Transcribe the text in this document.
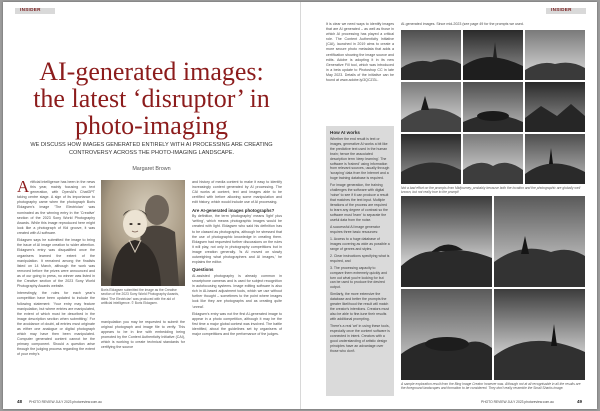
INSIDER
AI-generated images: the latest ‘disruptor’ in photo-imaging
WE DISCUSS HOW IMAGES GENERATED ENTIRELY WITH AI PROCESSING ARE CREATING CONTROVERSY ACROSS THE PHOTO-IMAGING LANDSCAPE.
Margaret Brown

Artificial intelligence has been in the news this year, mainly focusing on text generation, with OpenAI's ChatGPT taking centre stage. A sign of its importance to photography came when the photograph Boris Eldagsen's image 'The Electrician' was nominated as the winning entry in the 'Creative' section of the 2023 Sony World Photography Awards. While this image reproduced here might look like a photograph of Kid groove, it was created with AI software.

Eldagsen says he submitted the image to bring the issue of AI image creation to wider attention. Eldagsen's entry was disqualified once the organisers learned the extent of the manipulation. It remained among the finalists listed on 14 March, although the work was removed before the prizes were announced and as of our going to press, no winner was listed in the Creative section of the 2023 Sony World Photography Awards website.

Interestingly, the rules for each year's competition have been updated to include the following statement: 'Your entry may feature manipulation, but where entries are manipulated, the extent of which must be described in the image description section when submitting.' For the avoidance of doubt, all entries must originate as either one analogue or digital photograph which may have then been manipulated. Computer generated content cannot be the primary component. Should a question arise through the judging process regarding the extent of your entry's

Boris Eldagsen submitted the image as the Creative section of the 2023 Sony World Photography Awards, titled 'The Electrician' was produced with the aid of artificial intelligence. © Boris Eldagsen.

manipulation you may be requested to submit the original photograph and image file to verify. This appears to be in line with embedding being promoted by the Content Authenticity Initiative (CAI), which is working to create technical standards for certifying the source

and history of media content to make it easy to identify increasingly content generated by AI processing. The CAI works at content, text and images able to be certified with before allowing some manipulation and edit history, which would include use of AI processing.

Are AI-generated images photographs?

By definition, the term 'photography' means 'light' plus 'writing', which means photographic images would be created with light. Eldagsen who said his definition has to be classed as photographs, although he stressed that the use of photographic knowledge in creating them. Eldagsen had requested further discussions on the rules it will play, not only in photography competitions but in image creation generally. 'Is AI moved on slowly outweighing what photographers and AI images,' he explains the editor.

Questions

AI-assisted photography is already common in smartphone cameras and is used for subject recognition in autofocusing systems. Image editing software is also rich in AI-based adjustment tools, which we use without further thought – sometimes to the point where images look like they are photographs and as creating quite 'unreal'.

Eldagsen's entry was not the first AI-generated image to appear in a photo competition, although it may be the first time a major global contest was involved. The battle identified, about the guidelines set by organisers of major competitions and the performance of the judges.

48 PHOTO REVIEW JULY 2023 photoreview.com.au
INSIDER

It is clear we need ways to identify images that are AI generated – as well as those in which AI processing has played a critical role. The Content Authenticity Initiative (CAI), launched in 2019 aims to create a more secure photo metadata that adds a certification showing the image source and edits. Adobe is adopting it in its new Generative Fill tool, which was introduced in a beta update to Photoshop CC in late May 2023. Details of the initiative can be found at www.adobe.ly/3QCZGL.

AI-generated images. Since mid-2023 (see page 49 for the prompts we used.

How AI works

Whether the end result is text or images, generative AI works a bit like the predictive text used in the human brain; hence the associated description term 'deep learning'. The software is 'trained' using information from relevant sources, usually through 'scraping' data from the Internet and a huge training database is required.

For image generation, the training challenges the software with digital 'noise' to see if it can produce a result that matches the text input. Multiple iterations of the process are required to learn any degree of contrast so the software must 'learn' to separate the useful data from the noise.

A successful AI image generator requires three basic resources:

1. Access to a huge database of images covering as wide as possible a range of genres and styles.

2. Clear instructions specifying what is required, and

3. The processing capacity to compare them extremely quickly and turn out what you're looking for but can be used to produce the desired output.

Similarly, the more extensive the database and better the prompts the greater likelihood the result will match the creator's intentions. Creators must also be able to fine-tune their results with additional prompting.

There's a real 'art' in using these tools, especially once the content software is connected in intent. Creators with a good understanding of artistic design principles have an advantage over those who don't.

Not a bad effort on the prompts from Midjourney, probably because both the location and the photographic are globally well known, but not really true to the prompt!
A sample exploration result from the Bing Image Creator however was. Although not at all recognisable in all the results are the foreground landscapes and formation to be considered. They don't really resemble the Small Sharks image.
PHOTO REVIEW JULY 2023 photoreview.com.au	49
